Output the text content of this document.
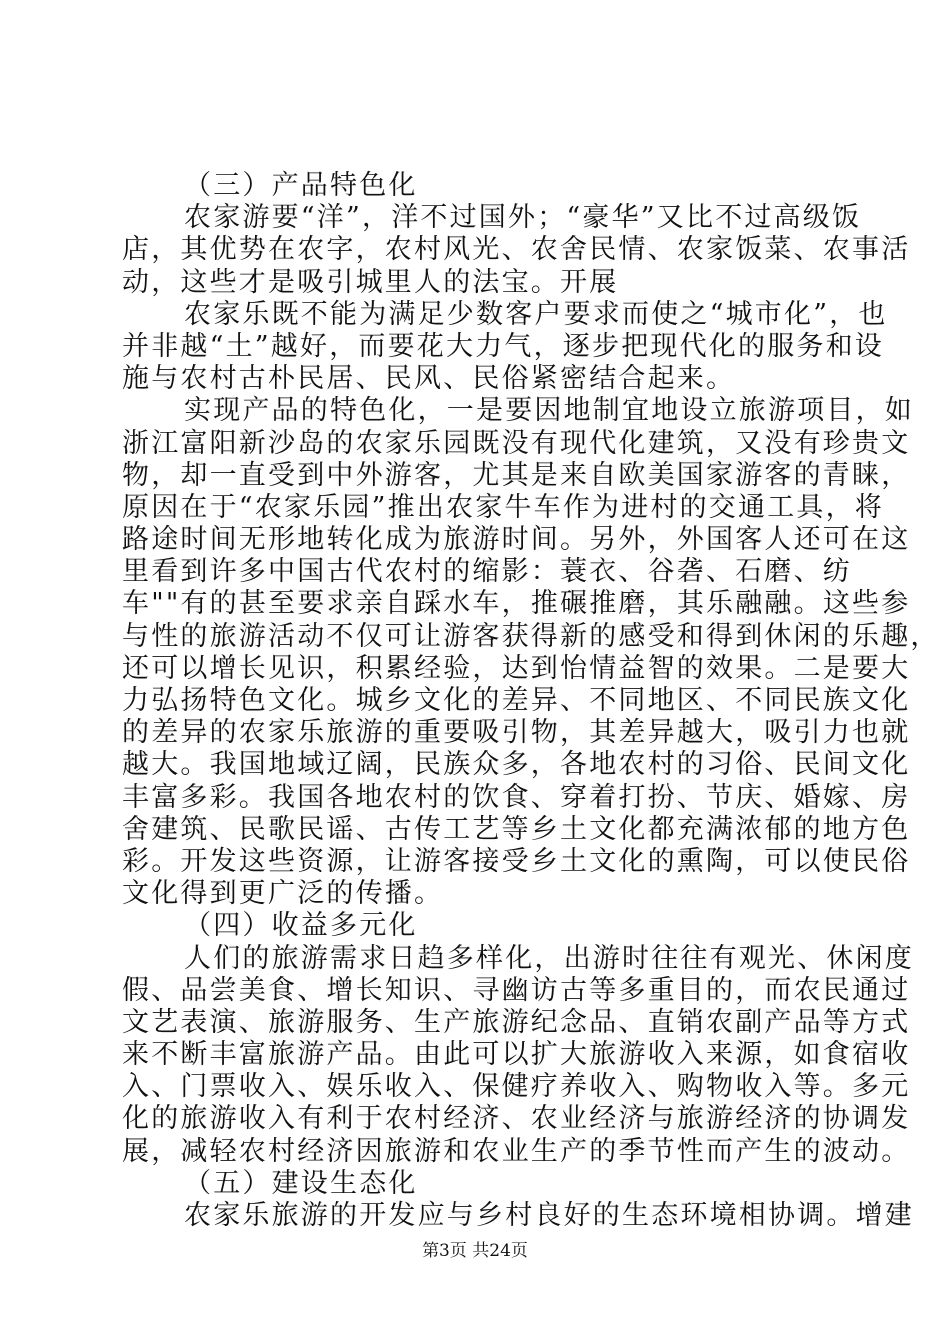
（三）产品特色化
农家游要“洋”，洋不过国外；“豪华”又比不过高级饭
店，其优势在农字，农村风光、农舍民情、农家饭菜、农事活
动，这些才是吸引城里人的法宝。开展
农家乐既不能为满足少数客户要求而使之“城市化”，也
并非越“土”越好，而要花大力气，逐步把现代化的服务和设
施与农村古朴民居、民风、民俗紧密结合起来。
实现产品的特色化，一是要因地制宜地设立旅游项目，如
浙江富阳新沙岛的农家乐园既没有现代化建筑，又没有珍贵文
物，却一直受到中外游客，尤其是来自欧美国家游客的青睐，
原因在于“农家乐园”推出农家牛车作为进村的交通工具，将
路途时间无形地转化成为旅游时间。另外，外国客人还可在这
里看到许多中国古代农村的缩影：蓑衣、谷砻、石磨、纺
车""有的甚至要求亲自踩水车，推碾推磨，其乐融融。这些参
与性的旅游活动不仅可让游客获得新的感受和得到休闲的乐趣，
还可以增长见识，积累经验，达到怡情益智的效果。二是要大
力弘扬特色文化。城乡文化的差异、不同地区、不同民族文化
的差异的农家乐旅游的重要吸引物，其差异越大，吸引力也就
越大。我国地域辽阔，民族众多，各地农村的习俗、民间文化
丰富多彩。我国各地农村的饮食、穿着打扮、节庆、婚嫁、房
舍建筑、民歌民谣、古传工艺等乡土文化都充满浓郁的地方色
彩。开发这些资源，让游客接受乡土文化的熏陶，可以使民俗
文化得到更广泛的传播。
（四）收益多元化
人们的旅游需求日趋多样化，出游时往往有观光、休闲度
假、品尝美食、增长知识、寻幽访古等多重目的，而农民通过
文艺表演、旅游服务、生产旅游纪念品、直销农副产品等方式
来不断丰富旅游产品。由此可以扩大旅游收入来源，如食宿收
入、门票收入、娱乐收入、保健疗养收入、购物收入等。多元
化的旅游收入有利于农村经济、农业经济与旅游经济的协调发
展，减轻农村经济因旅游和农业生产的季节性而产生的波动。
（五）建设生态化
农家乐旅游的开发应与乡村良好的生态环境相协调。增建
第3页 共24页
